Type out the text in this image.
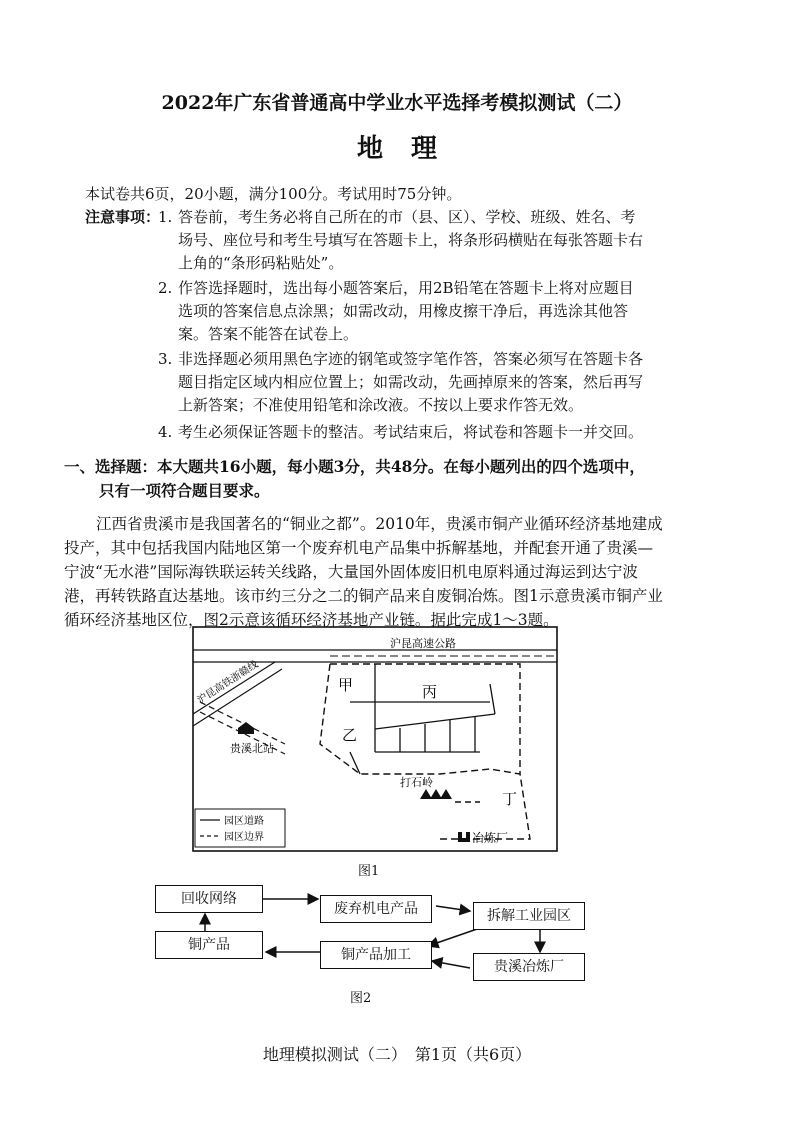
2022年广东省普通高中学业水平选择考模拟测试（二）
地理
本试卷共6页，20小题，满分100分。考试用时75分钟。
注意事项：
1. 答卷前，考生务必将自己所在的市（县、区）、学校、班级、姓名、考
场号、座位号和考生号填写在答题卡上，将条形码横贴在每张答题卡右
上角的“条形码粘贴处”。
2. 作答选择题时，选出每小题答案后，用2B铅笔在答题卡上将对应题目
选项的答案信息点涂黑；如需改动，用橡皮擦干净后，再选涂其他答
案。答案不能答在试卷上。
3. 非选择题必须用黑色字迹的钢笔或签字笔作答，答案必须写在答题卡各
题目指定区域内相应位置上；如需改动，先画掉原来的答案，然后再写
上新答案；不准使用铅笔和涂改液。不按以上要求作答无效。
4. 考生必须保证答题卡的整洁。考试结束后，将试卷和答题卡一并交回。
一、选择题：本大题共16小题，每小题3分，共48分。在每小题列出的四个选项中，
只有一项符合题目要求。
江西省贵溪市是我国著名的“铜业之都”。2010年，贵溪市铜产业循环经济基地建成
投产，其中包括我国内陆地区第一个废弃机电产品集中拆解基地，并配套开通了贵溪—
宁波“无水港”国际海铁联运转关线路，大量国外固体废旧机电原料通过海运到达宁波
港，再转铁路直达基地。该市约三分之二的铜产品来自废铜冶炼。图1示意贵溪市铜产业
循环经济基地区位，图2示意该循环经济基地产业链。据此完成1～3题。
沪昆高速公路
沪昆高铁浙赣线
贵溪北站
甲
乙
丙
丁
打石岭
冶炼厂
园区道路
园区边界
图1
回收网络
废弃机电产品	拆解工业园区
铜产品
铜产品加工
贵溪冶炼厂
图2
地理模拟测试（二）　第1页（共6页）
